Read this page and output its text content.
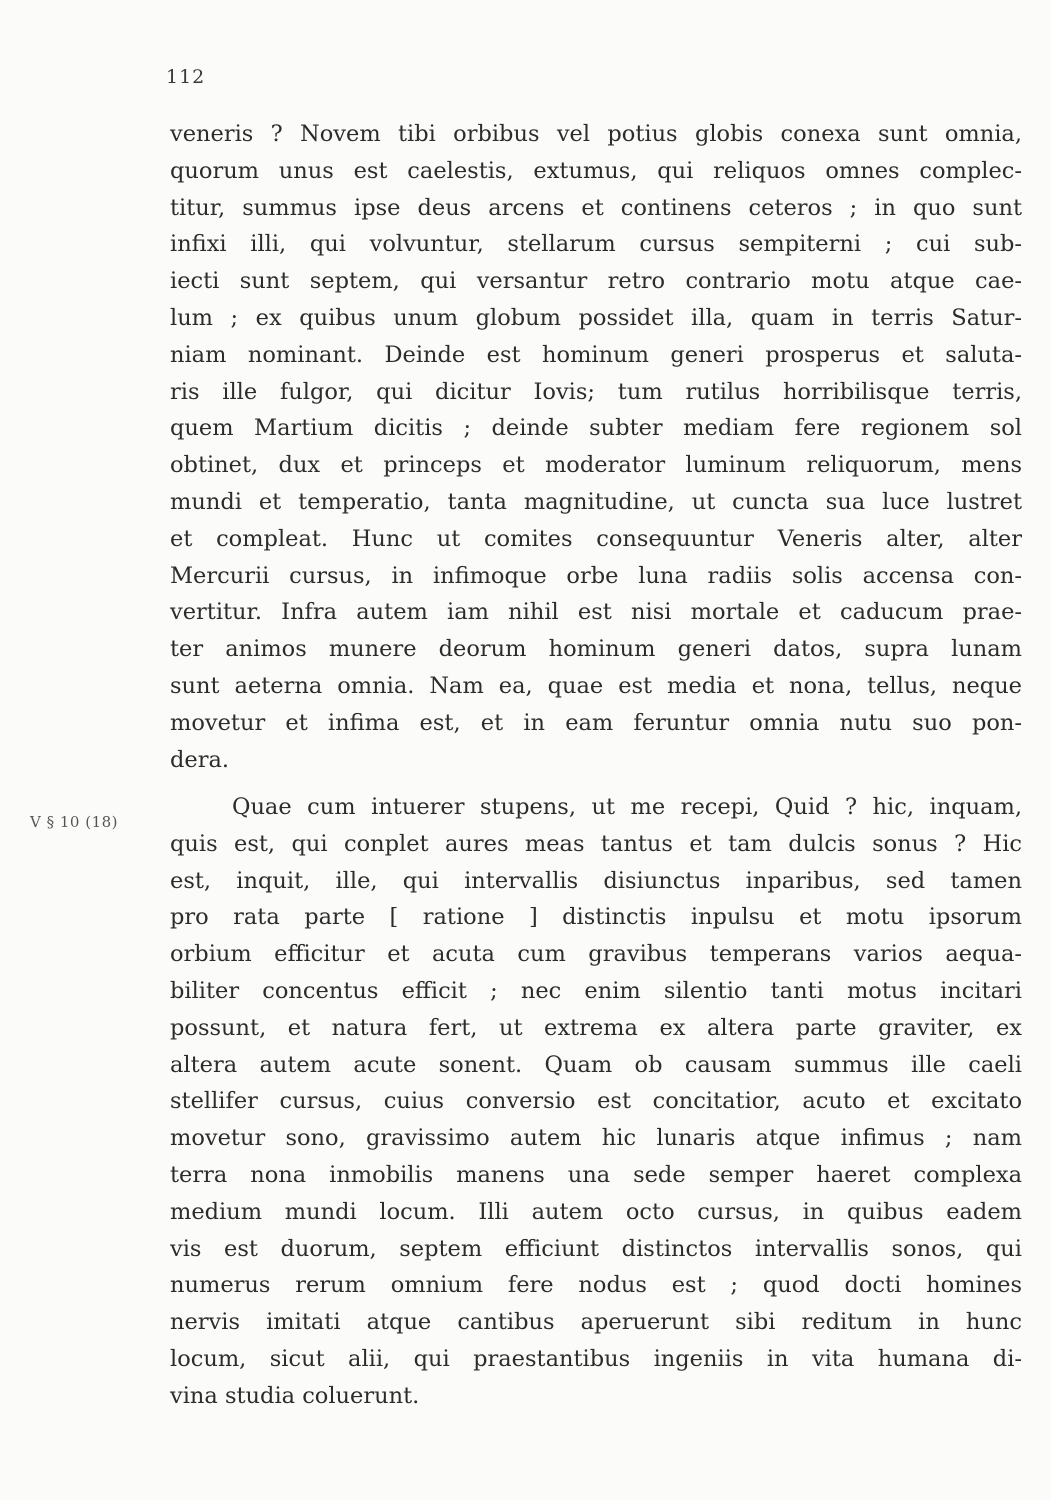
112
veneris ? Novem tibi orbibus vel potius globis conexa sunt omnia,
quorum unus est caelestis, extumus, qui reliquos omnes complec-
titur, summus ipse deus arcens et continens ceteros ; in quo sunt
infixi illi, qui volvuntur, stellarum cursus sempiterni ; cui sub-
iecti sunt septem, qui versantur retro contrario motu atque cae-
lum ; ex quibus unum globum possidet illa, quam in terris Satur-
niam nominant. Deinde est hominum generi prosperus et saluta-
ris ille fulgor, qui dicitur Iovis; tum rutilus horribilisque terris,
quem Martium dicitis ; deinde subter mediam fere regionem sol
obtinet, dux et princeps et moderator luminum reliquorum, mens
mundi et temperatio, tanta magnitudine, ut cuncta sua luce lustret
et compleat. Hunc ut comites consequuntur Veneris alter, alter
Mercurii cursus, in infimoque orbe luna radiis solis accensa con-
vertitur. Infra autem iam nihil est nisi mortale et caducum prae-
ter animos munere deorum hominum generi datos, supra lunam
sunt aeterna omnia. Nam ea, quae est media et nona, tellus, neque
movetur et infima est, et in eam feruntur omnia nutu suo pon-
dera.
V § 10 (18)
Quae cum intuerer stupens, ut me recepi, Quid ? hic, inquam,
quis est, qui conplet aures meas tantus et tam dulcis sonus ? Hic
est, inquit, ille, qui intervallis disiunctus inparibus, sed tamen
pro rata parte [ ratione ] distinctis inpulsu et motu ipsorum
orbium efficitur et acuta cum gravibus temperans varios aequa-
biliter concentus efficit ; nec enim silentio tanti motus incitari
possunt, et natura fert, ut extrema ex altera parte graviter, ex
altera autem acute sonent. Quam ob causam summus ille caeli
stellifer cursus, cuius conversio est concitatior, acuto et excitato
movetur sono, gravissimo autem hic lunaris atque infimus ; nam
terra nona inmobilis manens una sede semper haeret complexa
medium mundi locum. Illi autem octo cursus, in quibus eadem
vis est duorum, septem efficiunt distinctos intervallis sonos, qui
numerus rerum omnium fere nodus est ; quod docti homines
nervis imitati atque cantibus aperuerunt sibi reditum in hunc
locum, sicut alii, qui praestantibus ingeniis in vita humana di-
vina studia coluerunt.
